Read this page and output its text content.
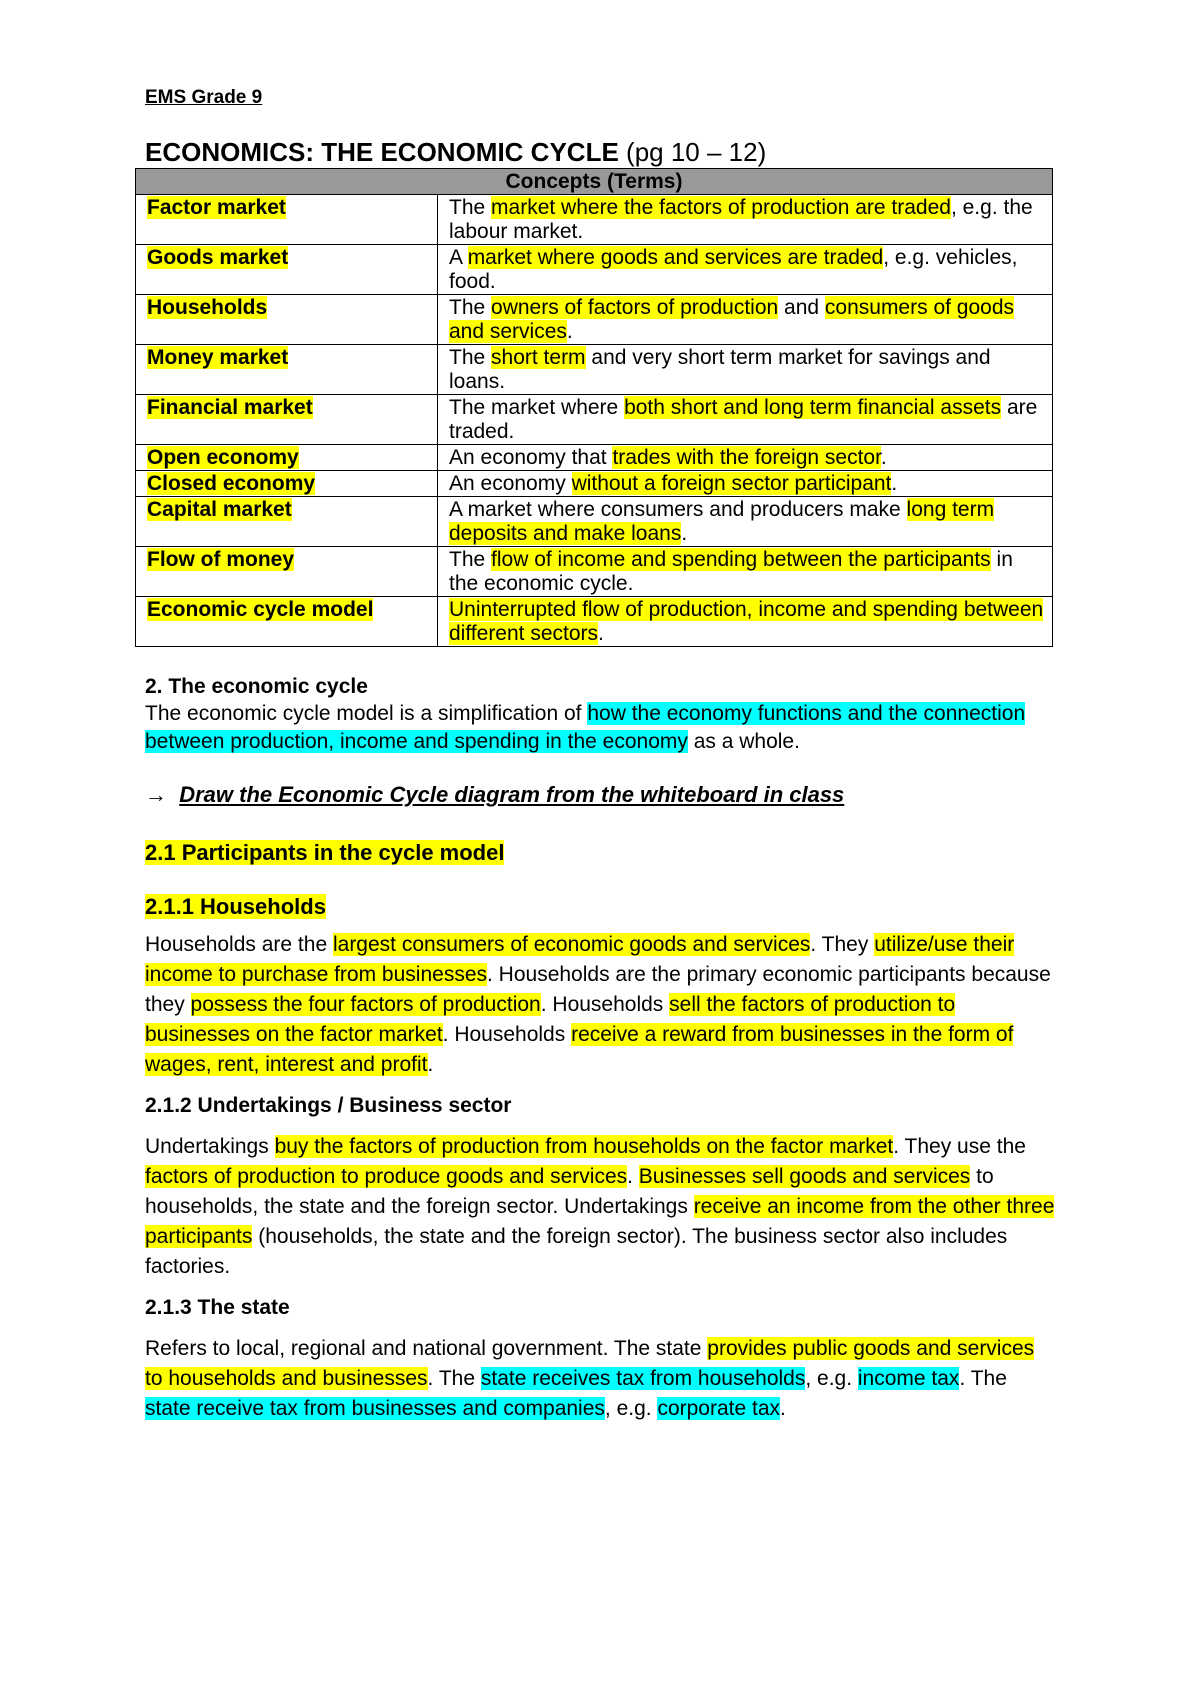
EMS Grade 9

ECONOMICS: THE ECONOMIC CYCLE (pg 10 – 12)
Concepts (Terms)	
Factor market	The market where the factors of production are traded, e.g. the labour market.
Goods market	A market where goods and services are traded, e.g. vehicles, food.
Households	The owners of factors of production and consumers of goods and services.
Money market	The short term and very short term market for savings and loans.
Financial market	The market where both short and long term financial assets are traded.
Open economy	An economy that trades with the foreign sector.
Closed economy	An economy without a foreign sector participant.
Capital market	A market where consumers and producers make long term deposits and make loans.
Flow of money	The flow of income and spending between the participants in the economic cycle.
Economic cycle model	Uninterrupted flow of production, income and spending between different sectors.

2. The economic cycle

The economic cycle model is a simplification of how the economy functions and the connection between production, income and spending in the economy as a whole.

→ Draw the Economic Cycle diagram from the whiteboard in class

2.1 Participants in the cycle model

2.1.1 Households

Households are the largest consumers of economic goods and services. They utilize/use their income to purchase from businesses. Households are the primary economic participants because they possess the four factors of production. Households sell the factors of production to businesses on the factor market. Households receive a reward from businesses in the form of wages, rent, interest and profit.

2.1.2 Undertakings / Business sector

Undertakings buy the factors of production from households on the factor market. They use the factors of production to produce goods and services. Businesses sell goods and services to households, the state and the foreign sector. Undertakings receive an income from the other three participants (households, the state and the foreign sector). The business sector also includes factories.

2.1.3 The state

Refers to local, regional and national government. The state provides public goods and services to households and businesses. The state receives tax from households, e.g. income tax. The state receive tax from businesses and companies, e.g. corporate tax.
